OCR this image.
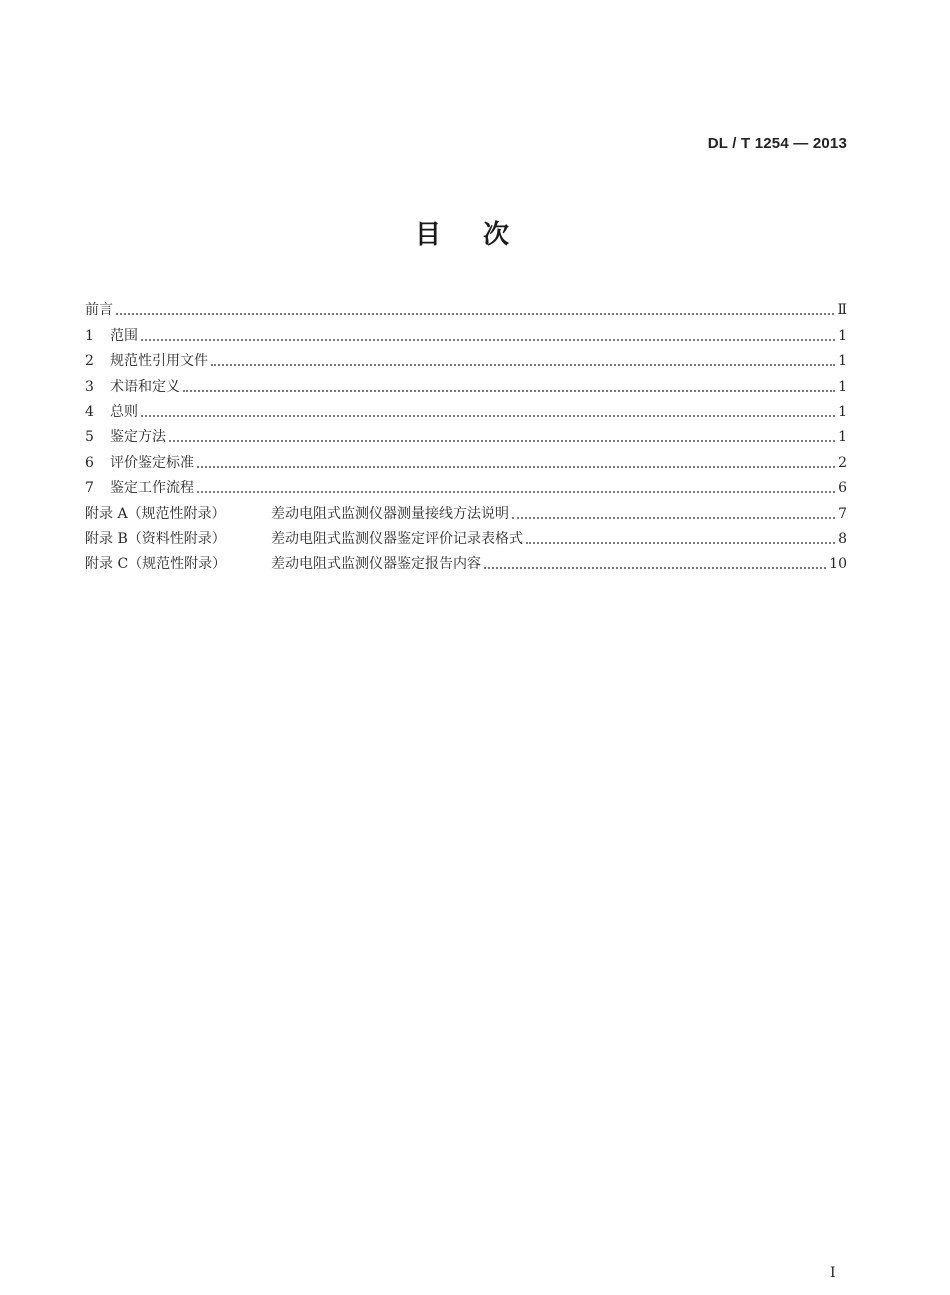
DL / T 1254 — 2013
目　次
前言	Ⅱ
1	范围	1
2	规范性引用文件	1
3	术语和定义	1
4	总则	1
5	鉴定方法	1
6	评价鉴定标准	2
7	鉴定工作流程	6
附录 A（规范性附录）	差动电阻式监测仪器测量接线方法说明	7
附录 B（资料性附录）	差动电阻式监测仪器鉴定评价记录表格式	8
附录 C（规范性附录）	差动电阻式监测仪器鉴定报告内容	10
I
